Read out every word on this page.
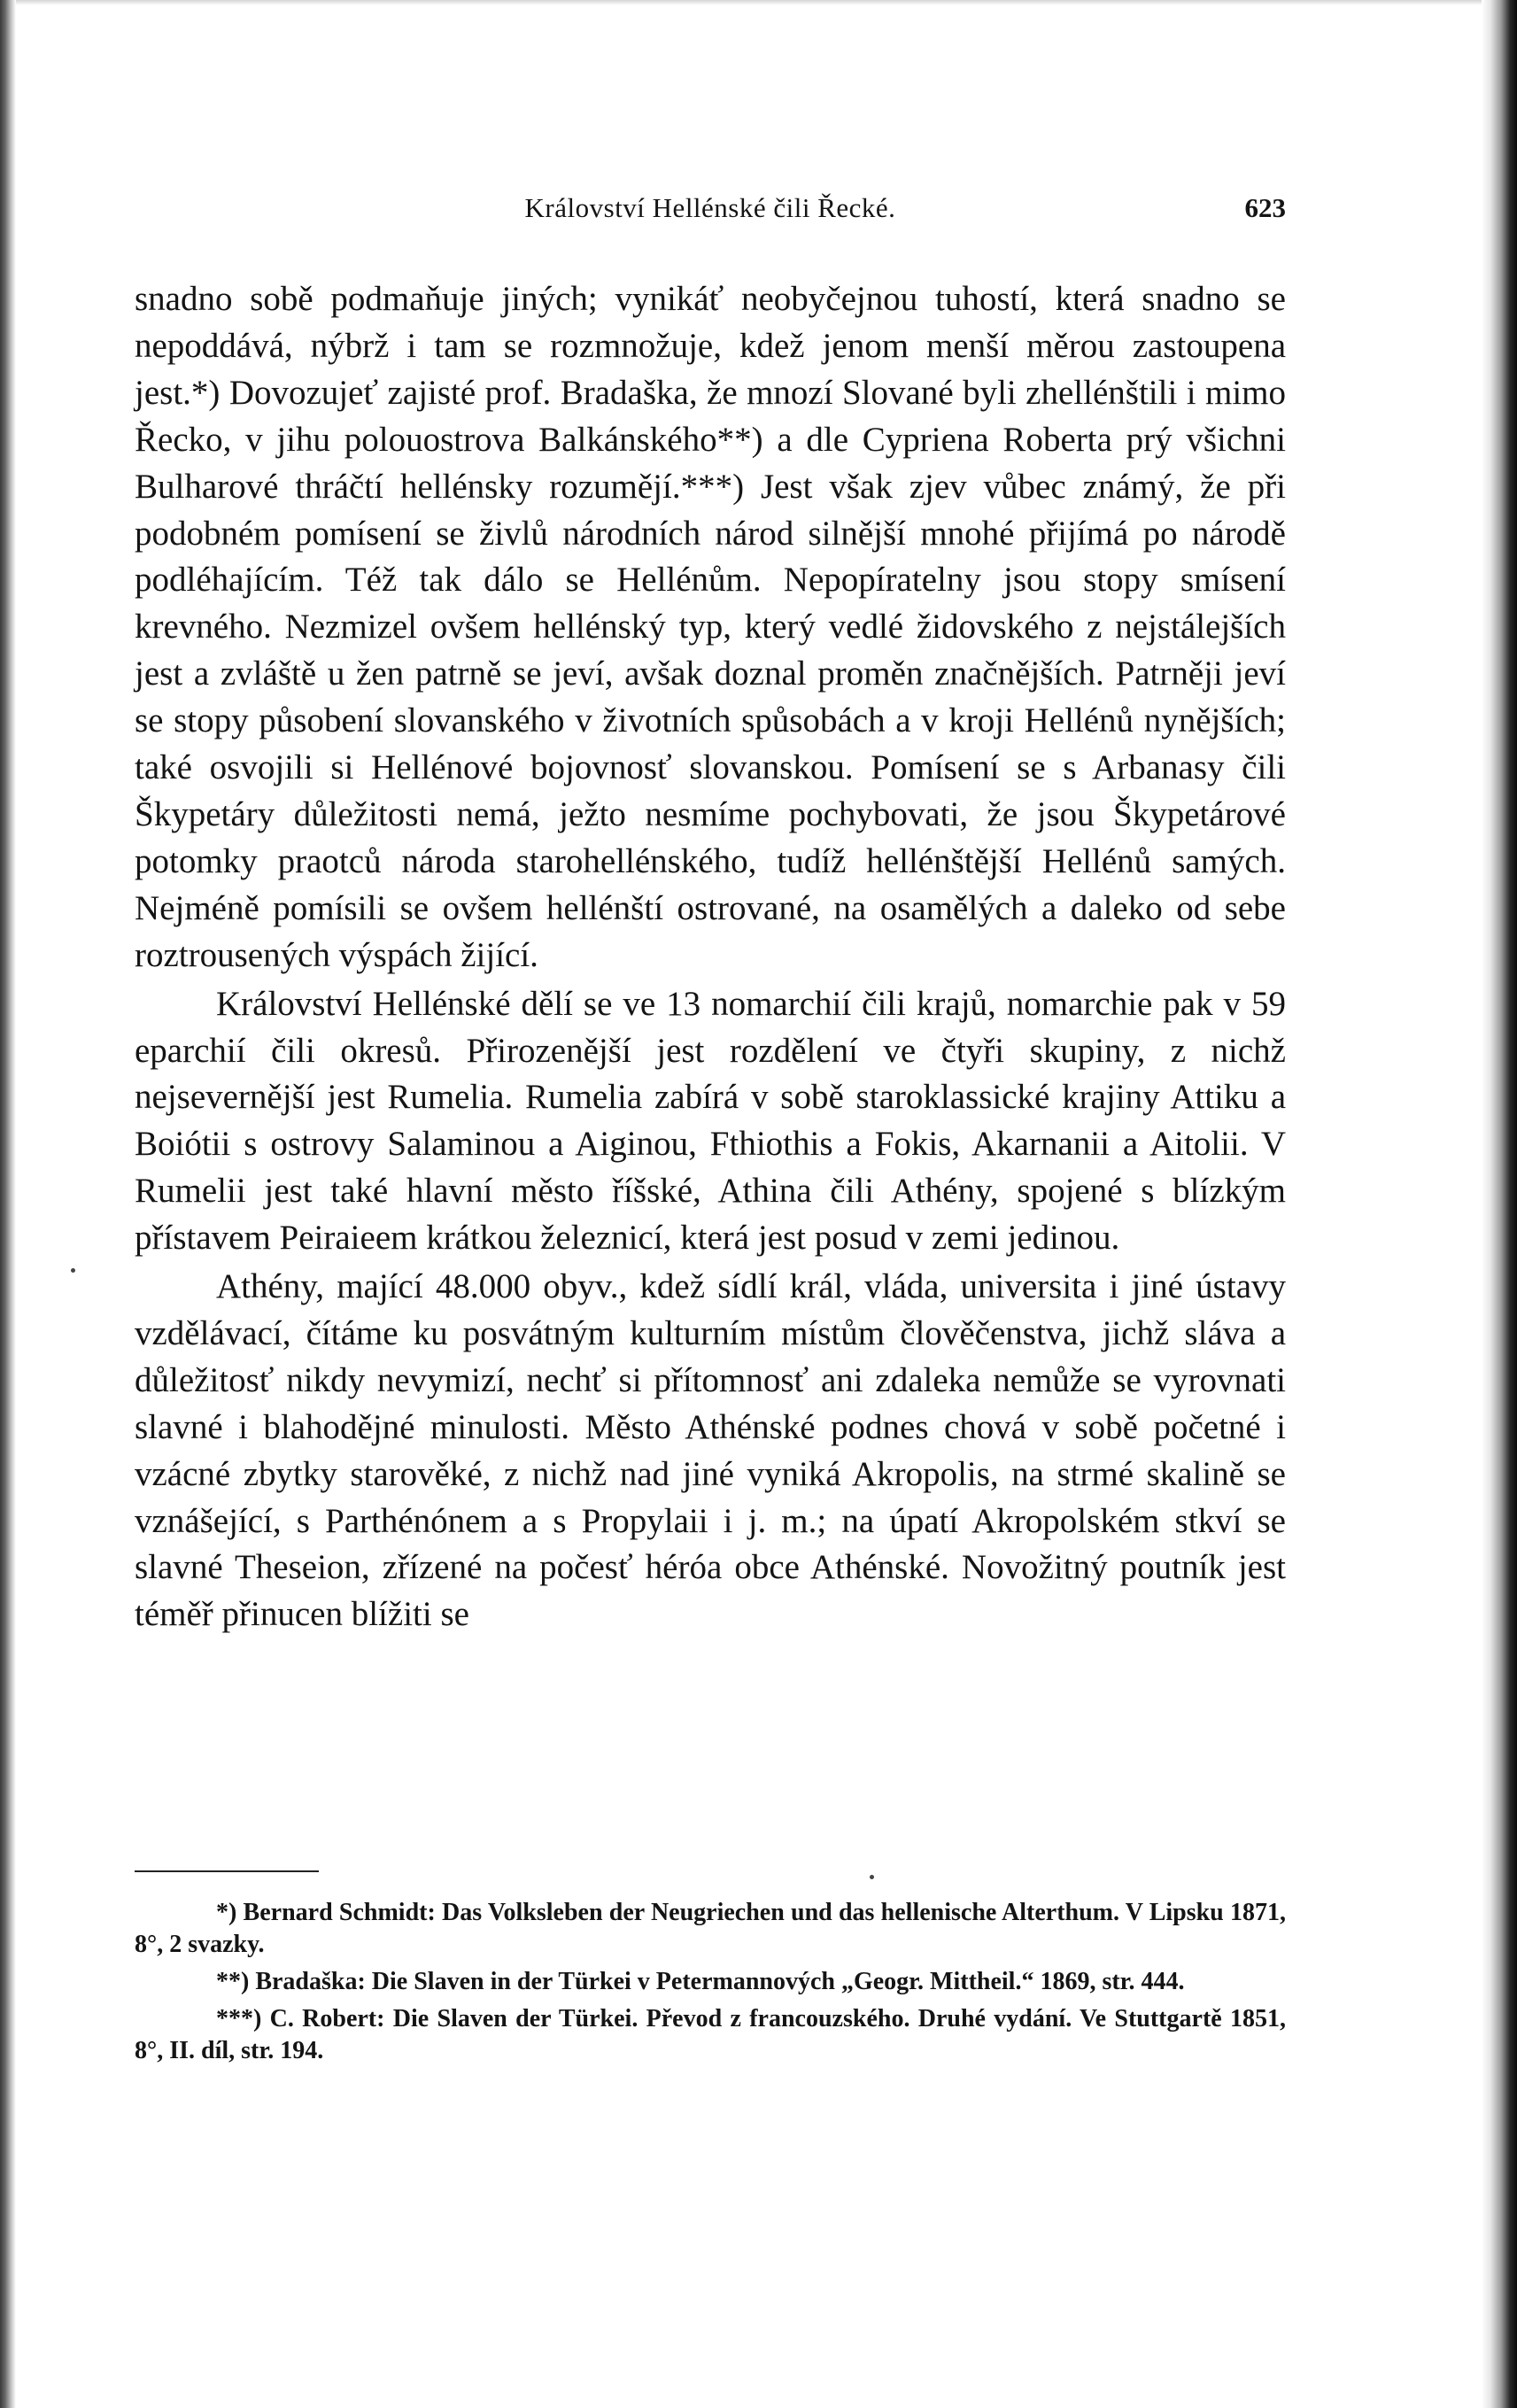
Království Hellénské čili Řecké.	623

snadno sobě podmaňuje jiných; vynikáť neobyčejnou tuhostí, která snadno se nepoddává, nýbrž i tam se rozmnožuje, kdež jenom menší měrou zastoupena jest.*) Dovozujeť zajisté prof. Bradaška, že mnozí Slované byli zhellénštili i mimo Řecko, v jihu polouostrova Balkánského**) a dle Cypriena Roberta prý všichni Bulharové thráčtí hellénsky rozumějí.***) Jest však zjev vůbec známý, že při podobném pomísení se živlů národních národ silnější mnohé přijímá po národě podléhajícím. Též tak dálo se Hellénům. Nepopíratelny jsou stopy smísení krevného. Nezmizel ovšem hellénský typ, který vedlé židovského z nejstálejších jest a zvláště u žen patrně se jeví, avšak doznal proměn značnějších. Patrněji jeví se stopy působení slovanského v životních spůsobách a v kroji Hellénů nynějších; také osvojili si Hellénové bojovnosť slovanskou. Pomísení se s Arbanasy čili Škypetáry důležitosti nemá, ježto nesmíme pochybovati, že jsou Škypetárové potomky praotců národa starohellénského, tudíž hellénštější Hellénů samých. Nejméně pomísili se ovšem hellénští ostrované, na osamělých a daleko od sebe roztrousených výspách žijící.

Království Hellénské dělí se ve 13 nomarchií čili krajů, nomarchie pak v 59 eparchií čili okresů. Přirozenější jest rozdělení ve čtyři skupiny, z nichž nejsevernější jest Rumelia. Rumelia zabírá v sobě staroklassické krajiny Attiku a Boiótii s ostrovy Salaminou a Aiginou, Fthiothis a Fokis, Akarnanii a Aitolii. V Rumelii jest také hlavní město říšské, Athina čili Athény, spojené s blízkým přístavem Peiraieem krátkou železnicí, která jest posud v zemi jedinou.

Athény, mající 48.000 obyv., kdež sídlí král, vláda, universita i jiné ústavy vzdělávací, čítáme ku posvátným kulturním místům člověčenstva, jichž sláva a důležitosť nikdy nevymizí, nechť si přítomnosť ani zdaleka nemůže se vyrovnati slavné i blahodějné minulosti. Město Athénské podnes chová v sobě početné i vzácné zbytky starověké, z nichž nad jiné vyniká Akropolis, na strmé skalině se vznášející, s Parthénónem a s Propylaii i j. m.; na úpatí Akropolském stkví se slavné Theseion, zřízené na počesť héróa obce Athénské. Novožitný poutník jest téměř přinucen blížiti se

*) Bernard Schmidt: Das Volksleben der Neugriechen und das hellenische Alterthum. V Lipsku 1871, 8°, 2 svazky.

**) Bradaška: Die Slaven in der Türkei v Petermannových „Geogr. Mittheil.“ 1869, str. 444.

***) C. Robert: Die Slaven der Türkei. Převod z francouzského. Druhé vydání. Ve Stuttgartě 1851, 8°, II. díl, str. 194.
